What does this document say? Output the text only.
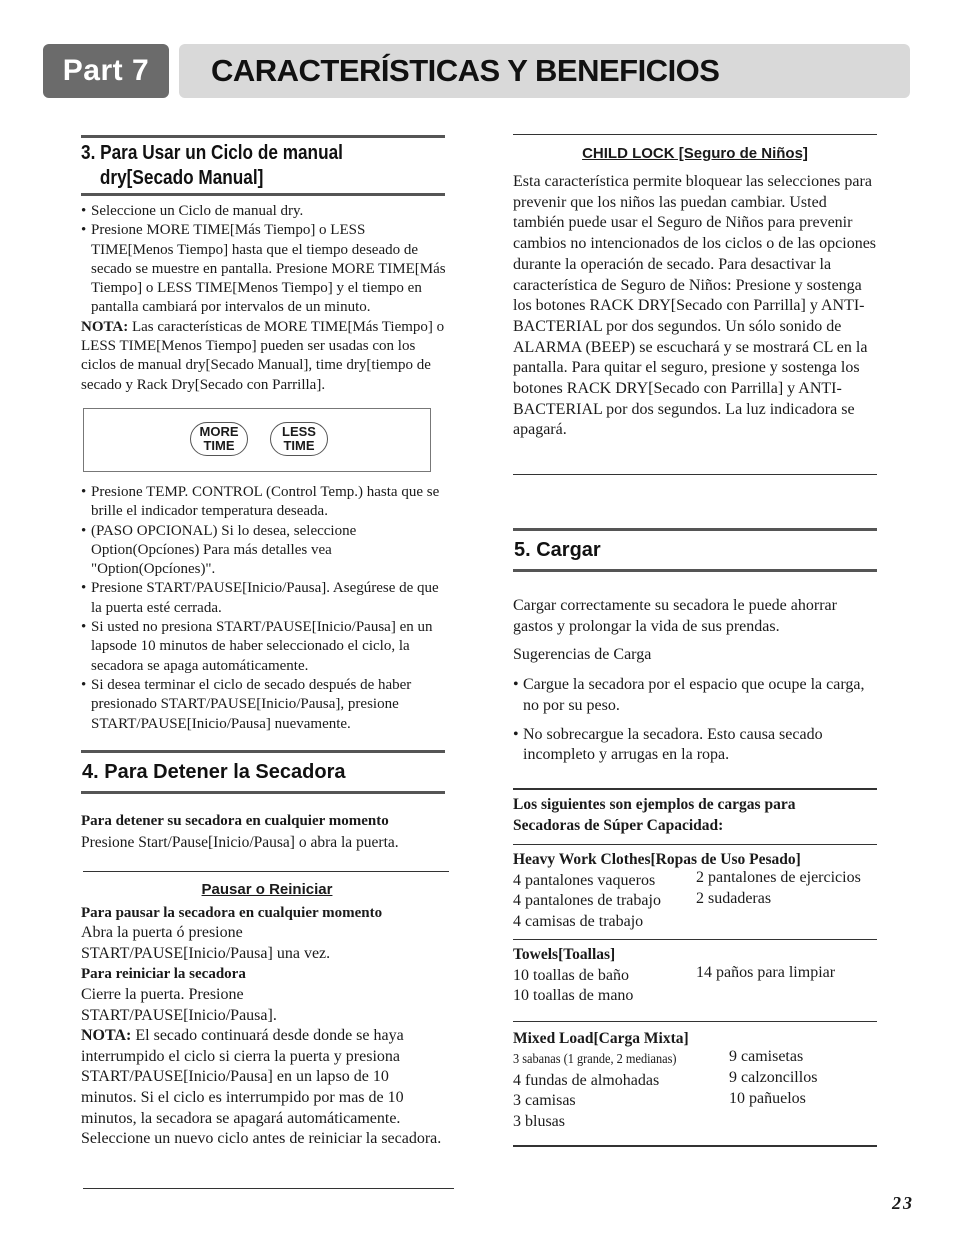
Part 7	CARACTERÍSTICAS Y BENEFICIOS
3. Para Usar un Ciclo de manual
dry[Secado Manual]
• Seleccione un Ciclo de manual dry.
• Presione MORE TIME[Más Tiempo] o LESS TIME[Menos Tiempo] hasta que el tiempo deseado de secado se muestre en pantalla. Presione MORE TIME[Más Tiempo] o LESS TIME[Menos Tiempo] y el tiempo en pantalla cambiará por intervalos de un minuto.
NOTA: Las características de MORE TIME[Más Tiempo] o LESS TIME[Menos Tiempo] pueden ser usadas con los ciclos de manual dry[Secado Manual], time dry[tiempo de secado y Rack Dry[Secado con Parrilla].
MORE
TIME
LESS
TIME
• Presione TEMP. CONTROL (Control Temp.) hasta que se brille el indicador temperatura deseada.
• (PASO OPCIONAL) Si lo desea, seleccione Option(Opcíones) Para más detalles vea "Option(Opcíones)".
• Presione START/PAUSE[Inicio/Pausa]. Asegúrese de que la puerta esté cerrada.
• Si usted no presiona START/PAUSE[Inicio/Pausa] en un lapsode 10 minutos de haber seleccionado el ciclo, la secadora se apaga automáticamente.
• Si desea terminar el ciclo de secado después de haber presionado START/PAUSE[Inicio/Pausa], presione START/PAUSE[Inicio/Pausa] nuevamente.
4. Para Detener la Secadora
Para detener su secadora en cualquier momento
Presione Start/Pause[Inicio/Pausa] o abra la puerta.
Pausar o Reiniciar
Para pausar la secadora en cualquier momento
Abra la puerta ó presione START/PAUSE[Inicio/Pausa] una vez.
Para reiniciar la secadora
Cierre la puerta. Presione START/PAUSE[Inicio/Pausa].
NOTA: El secado continuará desde donde se haya interrumpido el ciclo si cierra la puerta y presiona START/PAUSE[Inicio/Pausa] en un lapso de 10 minutos. Si el ciclo es interrumpido por mas de 10 minutos, la secadora se apagará automáticamente. Seleccione un nuevo ciclo antes de reiniciar la secadora.
CHILD LOCK [Seguro de Niños]
Esta característica permite bloquear las selecciones para prevenir que los niños las puedan cambiar. Usted también puede usar el Seguro de Niños para prevenir cambios no intencionados de los ciclos o de las opciones durante la operación de secado. Para desactivar la característica de Seguro de Niños: Presione y sostenga los botones RACK DRY[Secado con Parrilla] y ANTI-BACTERIAL por dos segundos. Un sólo sonido de ALARMA (BEEP) se escuchará y se mostrará CL en la pantalla. Para quitar el seguro, presione y sostenga los botones RACK DRY[Secado con Parrilla] y ANTI-BACTERIAL por dos segundos. La luz indicadora se apagará.
5. Cargar
Cargar correctamente su secadora le puede ahorrar gastos y prolongar la vida de sus prendas.
Sugerencias de Carga
• Cargue la secadora por el espacio que ocupe la carga, no por su peso.
• No sobrecargue la secadora. Esto causa secado incompleto y arrugas en la ropa.
Los siguientes son ejemplos de cargas para Secadoras de Súper Capacidad:
Heavy Work Clothes[Ropas de Uso Pesado]
4 pantalones vaqueros
4 pantalones de trabajo
4 camisas de trabajo
2 pantalones de ejercicios
2 sudaderas
Towels[Toallas]
10 toallas de baño
10 toallas de mano
14 paños para limpiar
Mixed Load[Carga Mixta]
3 sabanas (1 grande, 2 medianas)
4 fundas de almohadas
3 camisas
3 blusas
9 camisetas
9 calzoncillos
10 pañuelos
23
